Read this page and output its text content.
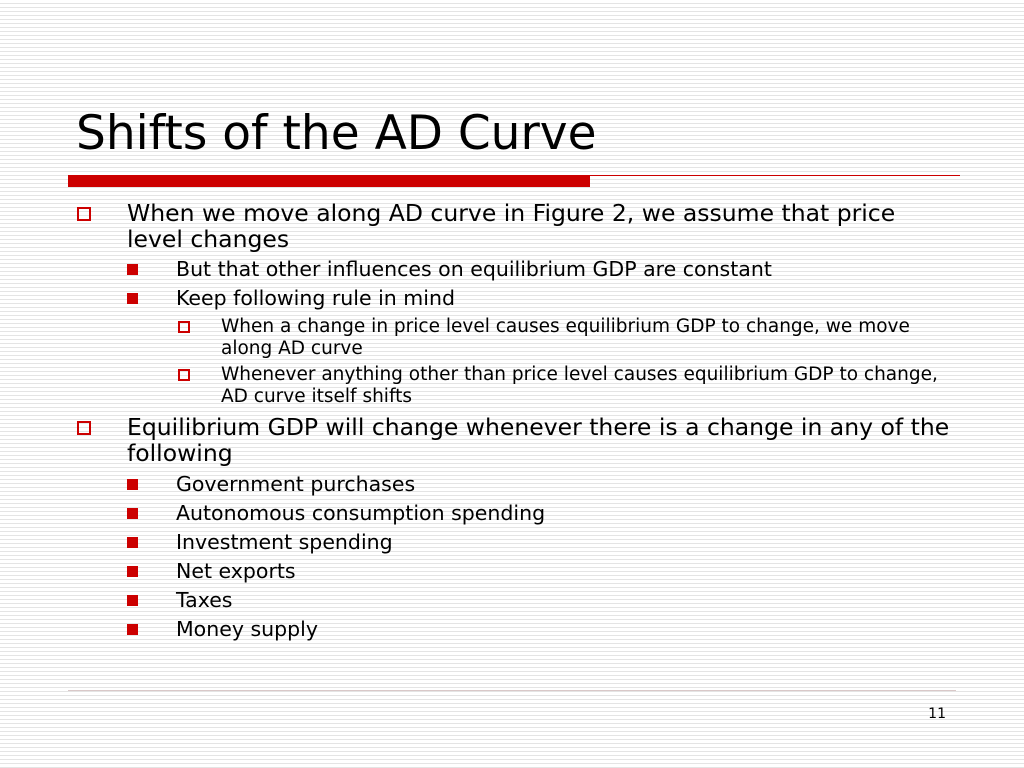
Shifts of the AD Curve
When we move along AD curve in Figure 2, we assume that price level changes
But that other influences on equilibrium GDP are constant
Keep following rule in mind
When a change in price level causes equilibrium GDP to change, we move along AD curve
Whenever anything other than price level causes equilibrium GDP to change, AD curve itself shifts
Equilibrium GDP will change whenever there is a change in any of the following
Government purchases
Autonomous consumption spending
Investment spending
Net exports
Taxes
Money supply
11
